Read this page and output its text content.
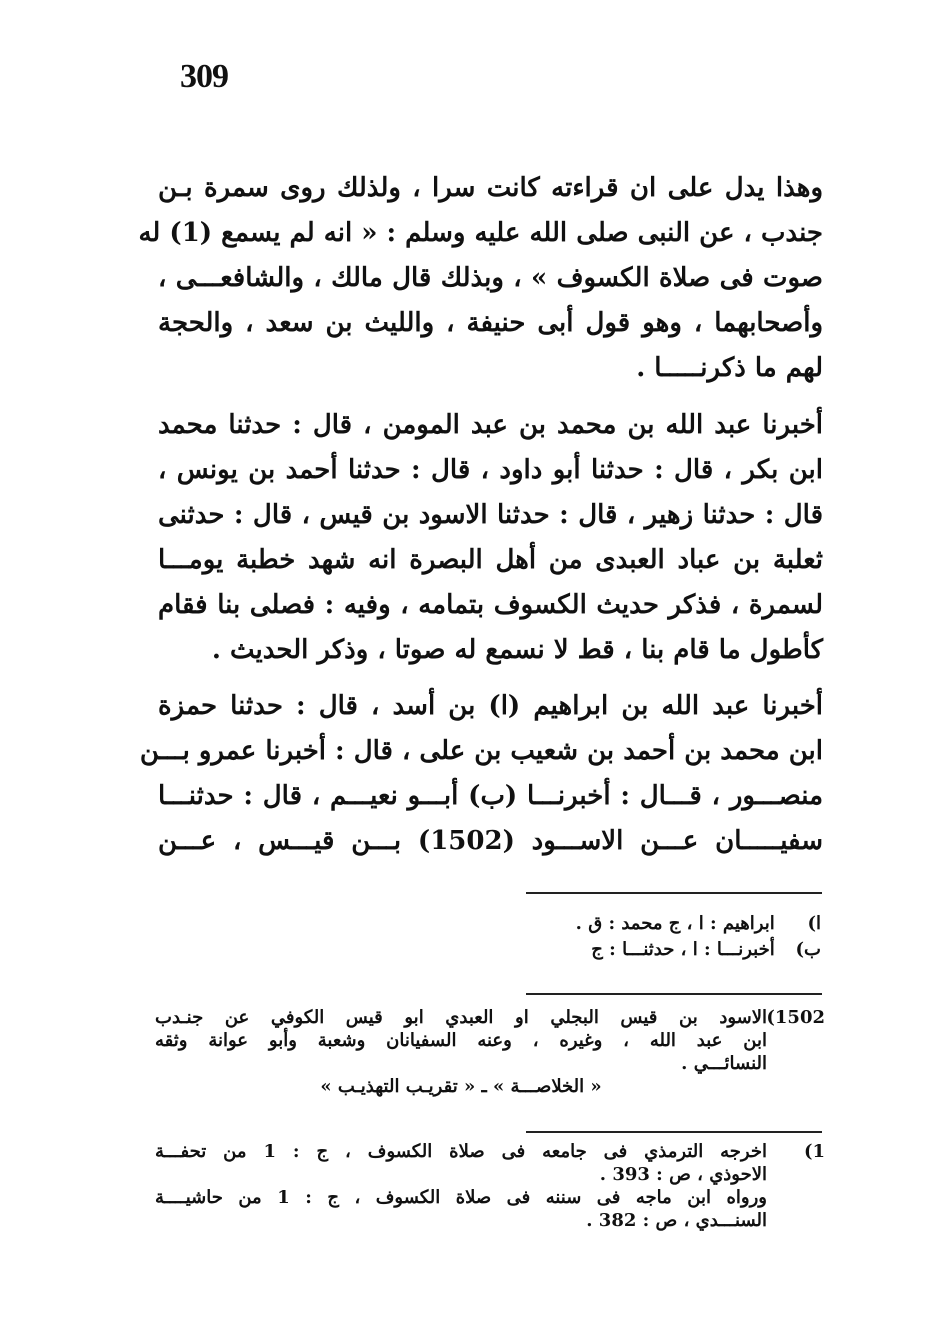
309
وهذا يدل على ان قراءته كانت سرا ، ولذلك روى سمرة بـن
جندب ، عن النبى صلى الله عليه وسلم : « انه لم يسمع (1) له
صوت فى صلاة الكسوف » ، وبذلك قال مالك ، والشافعـــى ،
وأصحابهما ، وهو قول أبى حنيفة ، والليث بن سعد ، والحجة
لهم ما ذكرنـــــا .
أخبرنا عبد الله بن محمد بن عبد المومن ، قال : حدثنا محمد
ابن بكر ، قال : حدثنا أبو داود ، قال : حدثنا أحمد بن يونس ،
قال : حدثنا زهير ، قال : حدثنا الاسود بن قيس ، قال : حدثنى
ثعلبة بن عباد العبدى من أهل البصرة انه شهد خطبة يومـــا
لسمرة ، فذكر حديث الكسوف بتمامه ، وفيه : فصلى بنا فقام
كأطول ما قام بنا ، قط لا نسمع له صوتا ، وذكر الحديث .
أخبرنا عبد الله بن ابراهيم (ا) بن أسد ، قال : حدثنا حمزة
ابن محمد بن أحمد بن شعيب بن على ، قال : أخبرنا عمرو بـــن
منصـــور ، قـــال : أخبرنـــا (ب) أبـــو نعيـــم ، قال : حدثنـــا
سفيـــــان عـــن الاســـود (1502) بـــن قيـــس ، عـــن
ا) ابراهيم : ا ، ج محمد : ق .
ب) أخبرنـــا : ا ، حدثنـــا : ج
1502)
الاسود بن قيس البجلي او العبدي ابو قيس الكوفي عن جنـدب
ابن عبد الله ، وغيره ، وعنه السفيانان وشعبة وأبو عوانة وثقه
النسائـــي .
« الخلاصـــة » ـ « تقريـب التهذيـب »
1)
اخرجه الترمذي فى جامعه فى صلاة الكسوف ، ج : 1 من تحفـــة
الاحوذي ، ص : 393 .
ورواه ابن ماجه فى سننه فى صلاة الكسوف ، ج : 1 من حاشيــــة
السنـــدي ، ص : 382 .
